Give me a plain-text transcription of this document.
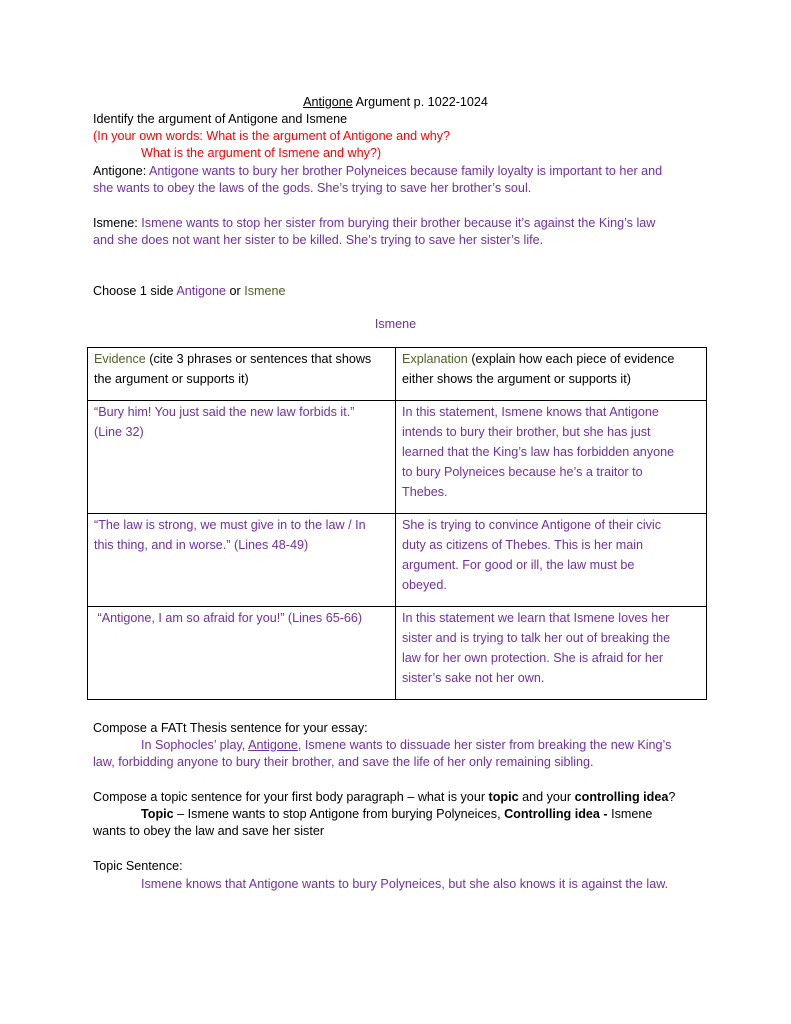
Antigone Argument p. 1022-1024
Identify the argument of Antigone and Ismene
(In your own words: What is the argument of Antigone and why?
What is the argument of Ismene and why?)
Antigone: Antigone wants to bury her brother Polyneices because family loyalty is important to her and
she wants to obey the laws of the gods. She’s trying to save her brother’s soul.
Ismene: Ismene wants to stop her sister from burying their brother because it’s against the King’s law
and she does not want her sister to be killed. She’s trying to save her sister’s life.
Choose 1 side Antigone or Ismene
Ismene
Evidence (cite 3 phrases or sentences that shows
the argument or supports it)	Explanation (explain how each piece of evidence
either shows the argument or supports it)
“Bury him! You just said the new law forbids it.”
(Line 32)	In this statement, Ismene knows that Antigone
intends to bury their brother, but she has just
learned that the King’s law has forbidden anyone
to bury Polyneices because he’s a traitor to
Thebes.
“The law is strong, we must give in to the law / In
this thing, and in worse.” (Lines 48-49)	She is trying to convince Antigone of their civic
duty as citizens of Thebes. This is her main
argument. For good or ill, the law must be
obeyed.
“Antigone, I am so afraid for you!” (Lines 65-66)	In this statement we learn that Ismene loves her
sister and is trying to talk her out of breaking the
law for her own protection. She is afraid for her
sister’s sake not her own.
Compose a FATt Thesis sentence for your essay:
In Sophocles’ play, Antigone, Ismene wants to dissuade her sister from breaking the new King’s
law, forbidding anyone to bury their brother, and save the life of her only remaining sibling.
Compose a topic sentence for your first body paragraph – what is your topic and your controlling idea?
Topic – Ismene wants to stop Antigone from burying Polyneices, Controlling idea - Ismene
wants to obey the law and save her sister
Topic Sentence:
Ismene knows that Antigone wants to bury Polyneices, but she also knows it is against the law.
